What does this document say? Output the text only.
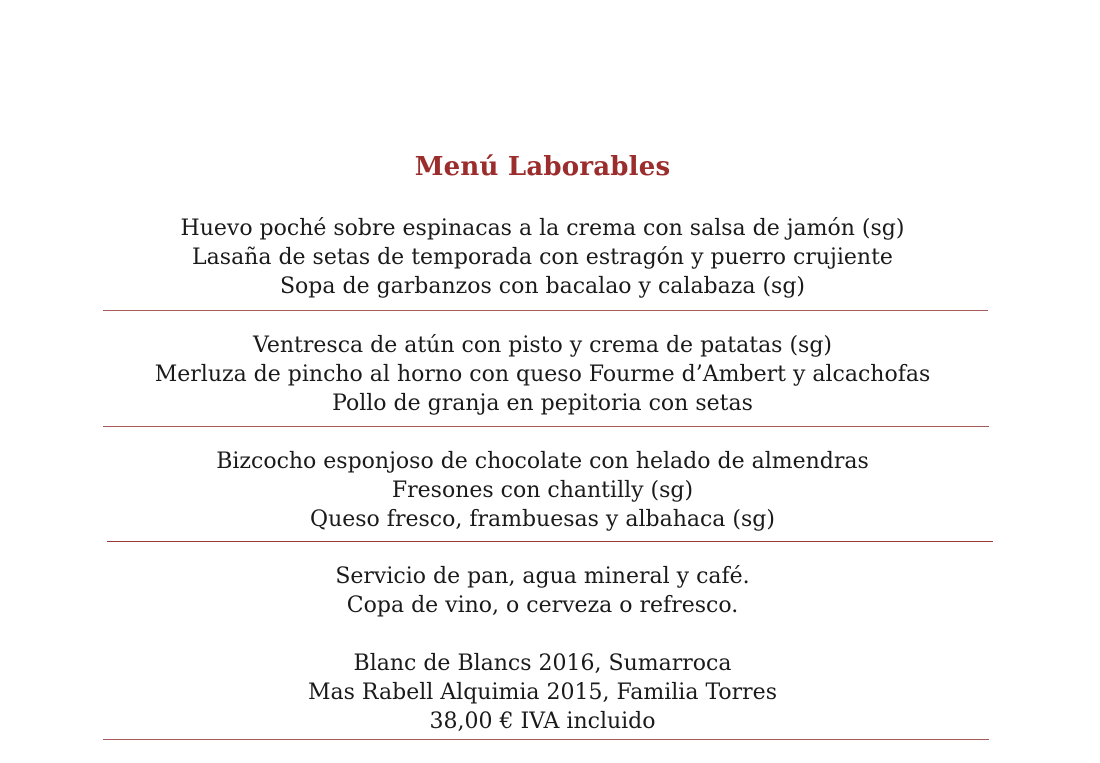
Menú Laborables
Huevo poché sobre espinacas a la crema con salsa de jamón (sg)
Lasaña de setas de temporada con estragón y puerro crujiente
Sopa de garbanzos con bacalao y calabaza (sg)
Ventresca de atún con pisto y crema de patatas (sg)
Merluza de pincho al horno con queso Fourme d’Ambert y alcachofas
Pollo de granja en pepitoria con setas
Bizcocho esponjoso de chocolate con helado de almendras
Fresones con chantilly (sg)
Queso fresco, frambuesas y albahaca (sg)
Servicio de pan, agua mineral y café.
Copa de vino, o cerveza o refresco.
Blanc de Blancs 2016, Sumarroca
Mas Rabell Alquimia 2015, Familia Torres
38,00 € IVA incluido
